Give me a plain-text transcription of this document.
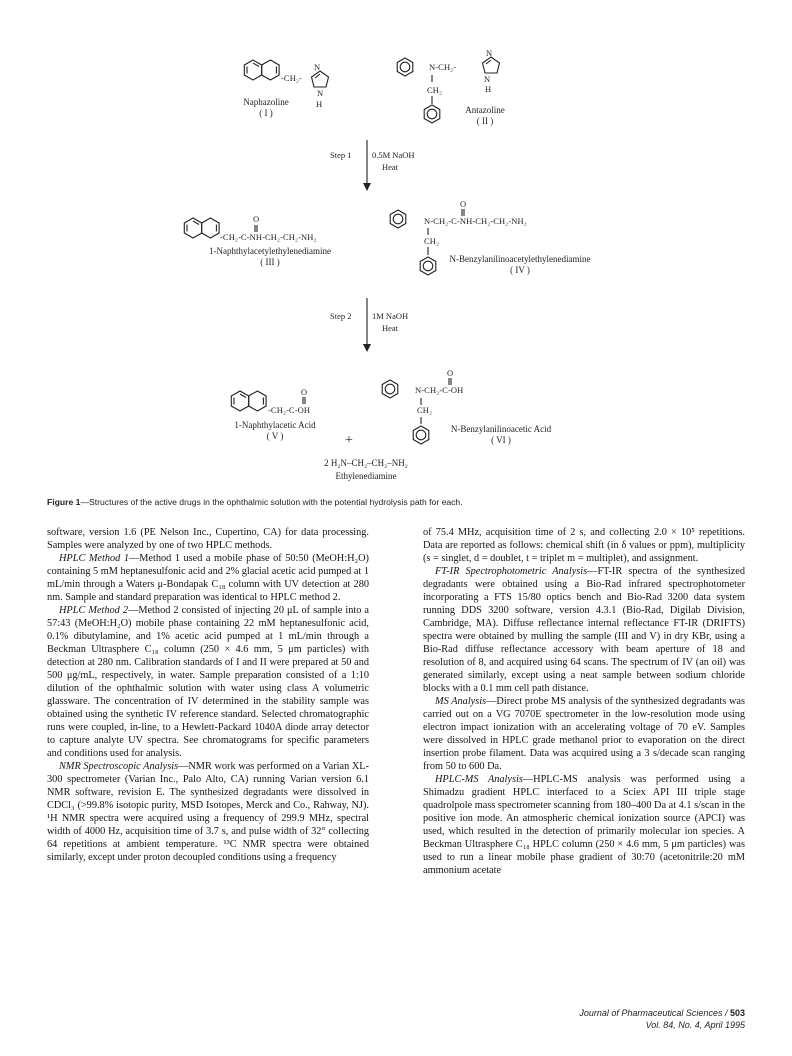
-CH₂-
N
N
H
Naphazoline
( I )
N-CH₂-
N
N
H
CH₂
Antazoline
( II )
Step 1 0.5M NaOH
Heat
O
-CH₂-C-NH-CH₂-CH₂-NH₂
1-Naphthylacetylethylenediamine
( III )
O
N-CH₂-C-NH-CH₂-CH₂-NH₂
CH₂
N-Benzylanilinoacetylethylenediamine
( IV )
Step 2 1M NaOH
Heat
O
-CH₂-C-OH
1-Naphthylacetic Acid
( V )
O
N-CH₂-C-OH
CH₂
N-Benzylanilinoacetic Acid
( VI )
+
2 H₂N–CH₂–CH₂–NH₂
Ethylenediamine
Figure 1—Structures of the active drugs in the ophthalmic solution with the potential hydrolysis path for each.

software, version 1.6 (PE Nelson Inc., Cupertino, CA) for data processing. Samples were analyzed by one of two HPLC methods.

HPLC Method 1—Method 1 used a mobile phase of 50:50 (MeOH:H₂O) containing 5 mM heptanesulfonic acid and 2% glacial acetic acid pumped at 1 mL/min through a Waters μ-Bondapak C₁₈ column with UV detection at 280 nm. Sample and standard preparation was identical to HPLC method 2.

HPLC Method 2—Method 2 consisted of injecting 20 μL of sample into a 57:43 (MeOH:H₂O) mobile phase containing 22 mM heptanesulfonic acid, 0.1% dibutylamine, and 1% acetic acid pumped at 1 mL/min through a Beckman Ultrasphere C₁₈ column (250 × 4.6 mm, 5 μm particles) with detection at 280 nm. Calibration standards of I and II were prepared at 50 and 500 μg/mL, respectively, in water. Sample preparation consisted of a 1:10 dilution of the ophthalmic solution with water using class A volumetric glassware. The concentration of IV determined in the stability sample was obtained using the synthetic IV reference standard. Selected chromatographic runs were coupled, in-line, to a Hewlett-Packard 1040A diode array detector to capture analyte UV spectra. See chromatograms for specific parameters and conditions used for analysis.

NMR Spectroscopic Analysis—NMR work was performed on a Varian XL-300 spectrometer (Varian Inc., Palo Alto, CA) running Varian version 6.1 NMR software, revision E. The synthesized degradants were dissolved in CDCl₃ (>99.8% isotopic purity, MSD Isotopes, Merck and Co., Rahway, NJ). ¹H NMR spectra were acquired using a frequency of 299.9 MHz, spectral width of 4000 Hz, acquisition time of 3.7 s, and pulse width of 32° collecting 64 repetitions at ambient temperature. ¹³C NMR spectra were obtained similarly, except under proton decoupled conditions using a frequency

of 75.4 MHz, acquisition time of 2 s, and collecting 2.0 × 10⁵ repetitions. Data are reported as follows: chemical shift (in δ values or ppm), multiplicity (s = singlet, d = doublet, t = triplet m = multiplet), and assignment.

FT-IR Spectrophotometric Analysis—FT-IR spectra of the synthesized degradants were obtained using a Bio-Rad infrared spectrophotometer incorporating a FTS 15/80 optics bench and Bio-Rad 3200 data system running DDS 3200 software, version 4.3.1 (Bio-Rad, Digilab Division, Cambridge, MA). Diffuse reflectance internal reflectance FT-IR (DRIFTS) spectra were obtained by mulling the sample (III and V) in dry KBr, using a Bio-Rad diffuse reflectance accessory with beam aperture of 18 and resolution of 8, and acquired using 64 scans. The spectrum of IV (an oil) was generated similarly, except using a neat sample between sodium chloride blocks with a 0.1 mm cell path distance.

MS Analysis—Direct probe MS analysis of the synthesized degradants was carried out on a VG 7070E spectrometer in the low-resolution mode using electron impact ionization with an accelerating voltage of 70 eV. Samples were dissolved in HPLC grade methanol prior to evaporation on the direct insertion probe filament. Data was acquired using a 3 s/decade scan ranging from 50 to 600 Da.

HPLC-MS Analysis—HPLC-MS analysis was performed using a Shimadzu gradient HPLC interfaced to a Sciex API III triple stage quadrolpole mass spectrometer scanning from 180–400 Da at 4.1 s/scan in the positive ion mode. An atmospheric chemical ionization source (APCI) was used, which resulted in the detection of primarily molecular ion species. A Beckman Ultrasphere C₁₈ HPLC column (250 × 4.6 mm, 5 μm particles) was used to run a linear mobile phase gradient of 30:70 (acetonitrile:20 mM ammonium acetate

Journal of Pharmaceutical Sciences / 503
Vol. 84, No. 4, April 1995
